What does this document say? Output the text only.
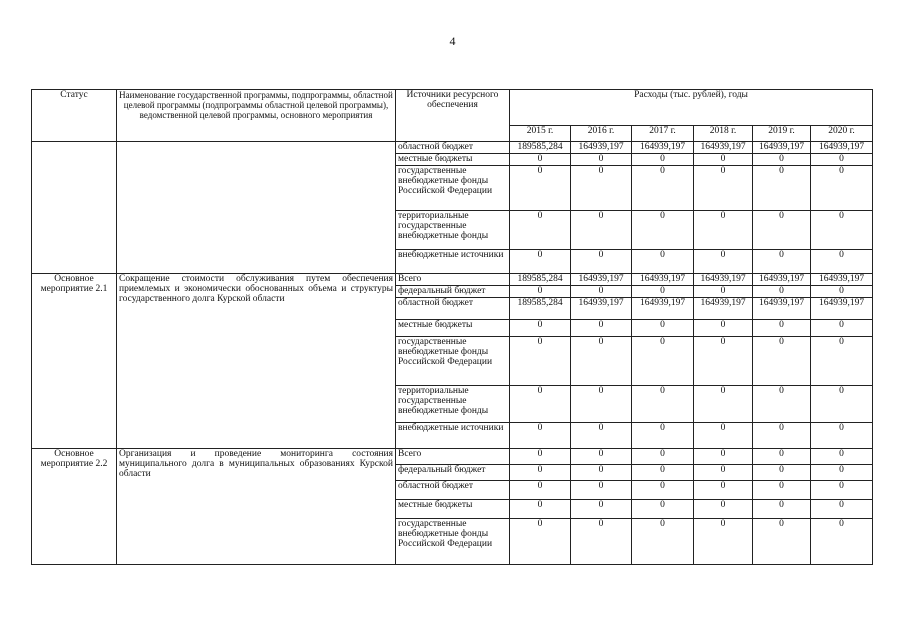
4
Статус	Наименование государственной программы, подпрограммы, областной целевой программы (подпрограммы областной целевой программы), ведомственной целевой программы, основного мероприятия	Источники ресурсного обеспечения	Расходы (тыс. рублей), годы					
			2015 г.	2016 г.	2017 г.	2018 г.	2019 г.	2020 г.
		областной бюджет	189585,284	164939,197	164939,197	164939,197	164939,197	164939,197
		местные бюджеты	0	0	0	0	0	0
		государственные внебюджетные фонды Российской Федерации	0	0	0	0	0	0
		территориальные государственные внебюджетные фонды	0	0	0	0	0	0
		внебюджетные источники	0	0	0	0	0	0
Основное мероприятие 2.1	Сокращение стоимости обслуживания путем обеспечения приемлемых и экономически обоснованных объема и структуры государственного долга Курской области	Всего	189585,284	164939,197	164939,197	164939,197	164939,197	164939,197
		федеральный бюджет	0	0	0	0	0	0
		областной бюджет	189585,284	164939,197	164939,197	164939,197	164939,197	164939,197
		местные бюджеты	0	0	0	0	0	0
		государственные внебюджетные фонды Российской Федерации	0	0	0	0	0	0
		территориальные государственные внебюджетные фонды	0	0	0	0	0	0
		внебюджетные источники	0	0	0	0	0	0
Основное мероприятие 2.2	Организация и проведение мониторинга состояния муниципального долга в муниципальных образованиях Курской области	Всего	0	0	0	0	0	0
		федеральный бюджет	0	0	0	0	0	0
		областной бюджет	0	0	0	0	0	0
		местные бюджеты	0	0	0	0	0	0
		государственные внебюджетные фонды Российской Федерации	0	0	0	0	0	0
